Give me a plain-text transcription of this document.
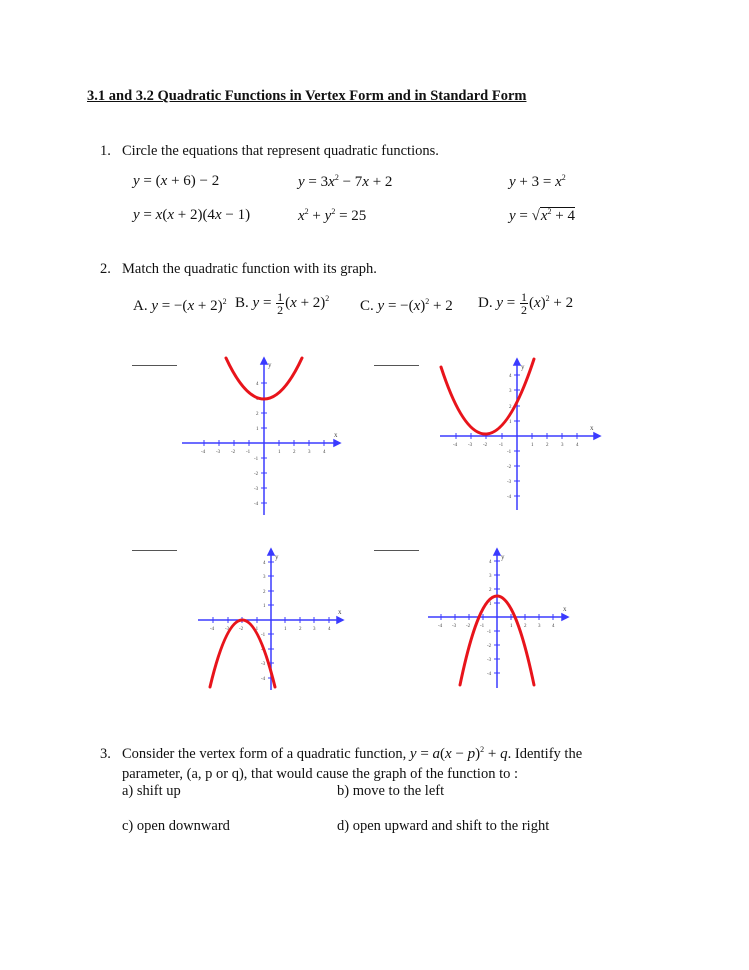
3.1 and 3.2 Quadratic Functions in Vertex Form and in Standard Form
1. Circle the equations that represent quadratic functions.
y = (x + 6) − 2	$y = 3x^2 - 7x + 2$	$y + 3 = x^2$
y = x(x + 2)(4x − 1)	$x^2 + y^2 = 25$	$y = √x^2 + 4$
2. Match the quadratic function with its graph.
A. $y = -(x + 2)^2$ B. $y = \frac{1}{2} (x + 2)^2$ C. $y = -(x)^2 + 2$ D. $y = \frac{1}{2} (x)^2 + 2$
-4 -3 -2 -1	1	2	3	4
4
3
2
1
-1
-2
-3
-4
y
x
-4 -3 -2 -1	1	2	3	4
4
3
2
1
-1
-2
-3
-4
y
x
-4 -3 -2 -1	1	2 3	4
4
3
2
1
-1
-2
-3
-4
y
x
-4 -3 -2 -1	1 2 3 4
4
3
2
1
-1
-2
-3
-4
y
x
3. Consider the vertex form of a quadratic function, $y = a(x - p)^2 + q$. Identify the
parameter, (a, p or q), that would cause the graph of the function to :
a) shift up	b) move to the left
c) open downward	d) open upward and shift to the right
